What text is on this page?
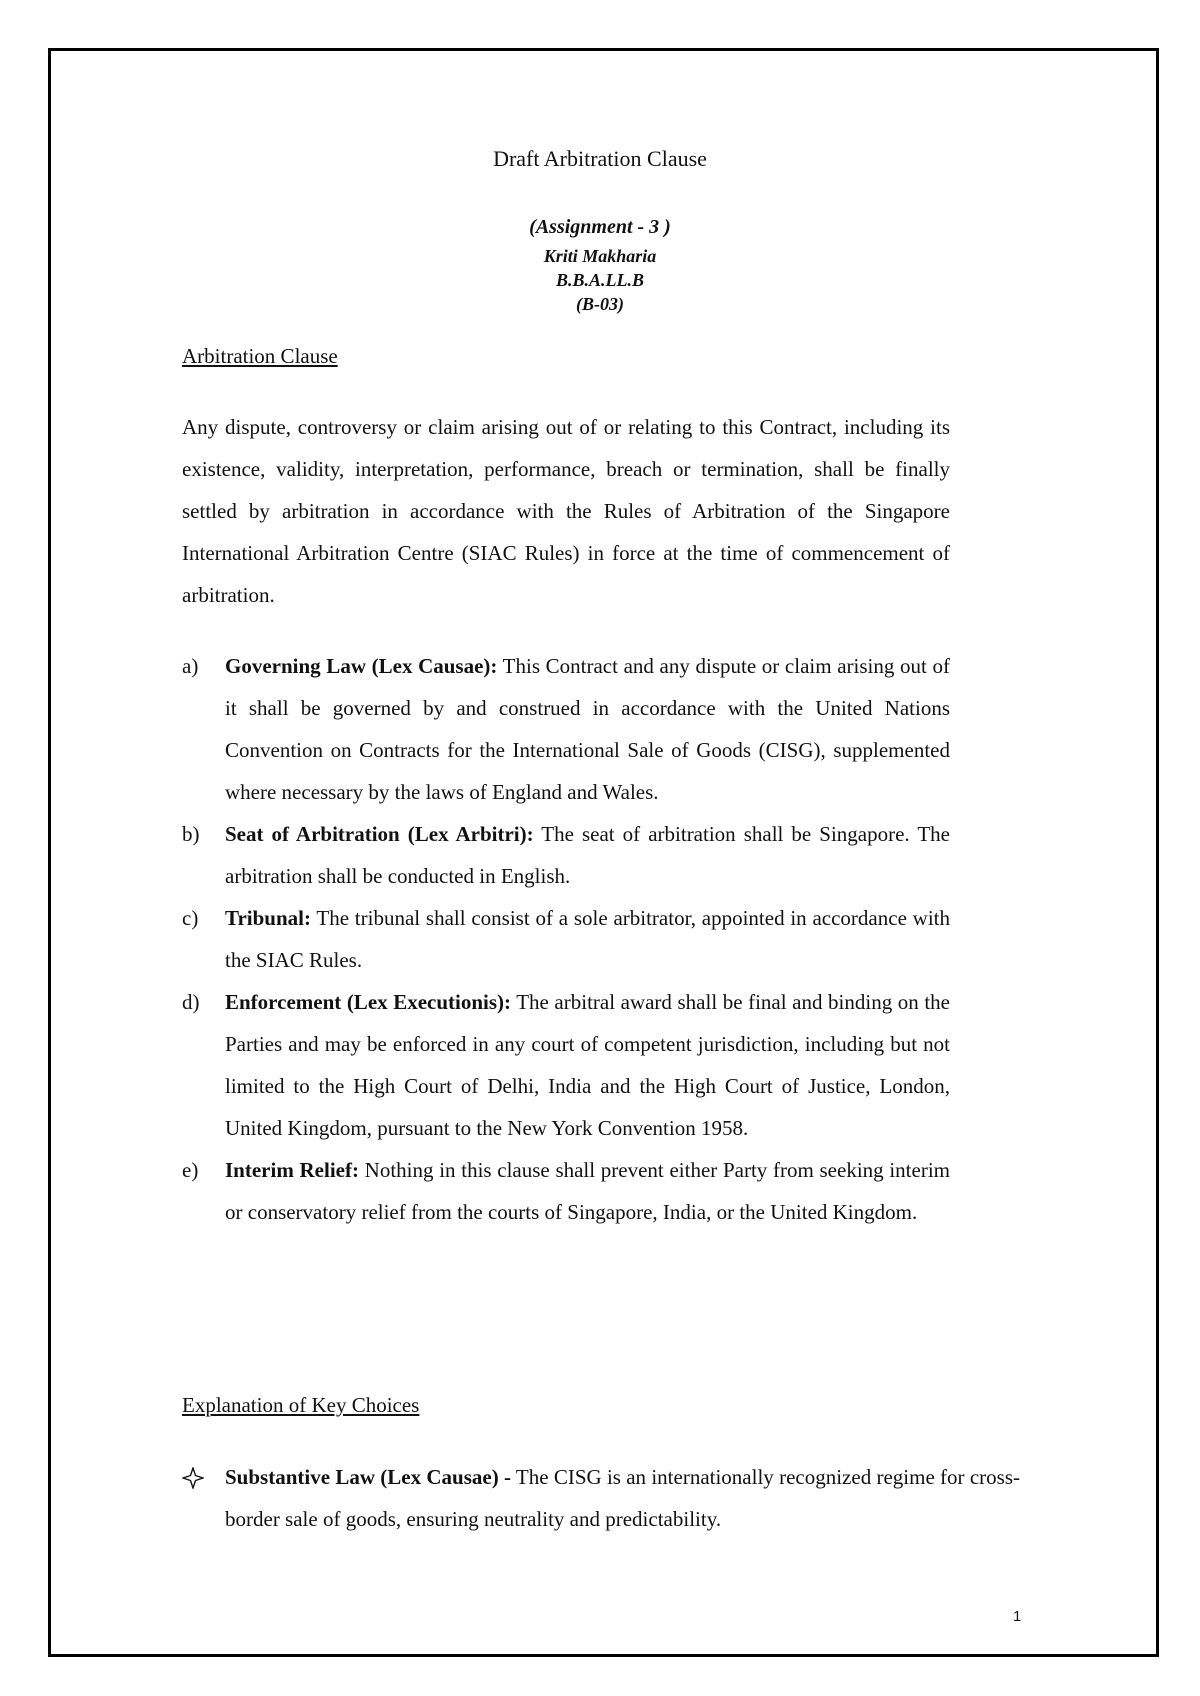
Draft Arbitration Clause
(Assignment - 3 )
Kriti Makharia
B.B.A.LL.B
(B-03)
Arbitration Clause
Any dispute, controversy or claim arising out of or relating to this Contract, including its existence, validity, interpretation, performance, breach or termination, shall be finally settled by arbitration in accordance with the Rules of Arbitration of the Singapore International Arbitration Centre (SIAC Rules) in force at the time of commencement of arbitration.
a) Governing Law (Lex Causae): This Contract and any dispute or claim arising out of it shall be governed by and construed in accordance with the United Nations Convention on Contracts for the International Sale of Goods (CISG), supplemented where necessary by the laws of England and Wales.
b) Seat of Arbitration (Lex Arbitri): The seat of arbitration shall be Singapore. The arbitration shall be conducted in English.
c) Tribunal: The tribunal shall consist of a sole arbitrator, appointed in accordance with the SIAC Rules.
d) Enforcement (Lex Executionis): The arbitral award shall be final and binding on the Parties and may be enforced in any court of competent jurisdiction, including but not limited to the High Court of Delhi, India and the High Court of Justice, London, United Kingdom, pursuant to the New York Convention 1958.
e) Interim Relief: Nothing in this clause shall prevent either Party from seeking interim or conservatory relief from the courts of Singapore, India, or the United Kingdom.
Explanation of Key Choices
Substantive Law (Lex Causae) - The CISG is an internationally recognized regime for cross-border sale of goods, ensuring neutrality and predictability.
1
